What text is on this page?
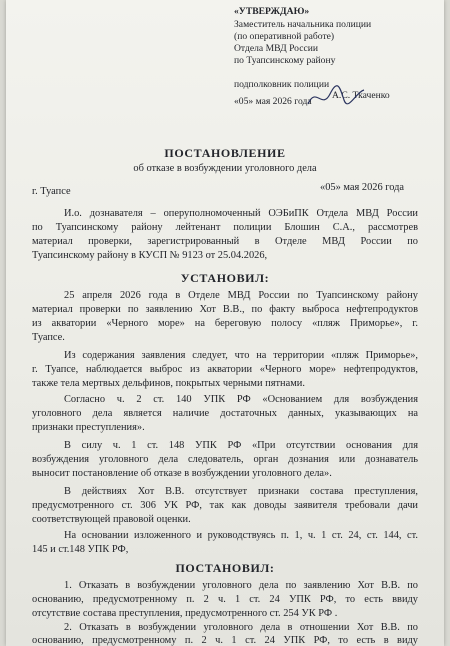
«УТВЕРЖДАЮ»
Заместитель начальника полиции
(по оперативной работе)
Отдела МВД России
по Туапсинскому району
подполковник полиции
«05» мая 2026 года
А.С. Ткаченко
ПОСТАНОВЛЕНИЕ
об отказе в возбуждении уголовного дела
г. Туапсе	«05» мая 2026 года
И.о. дознавателя – оперуполномоченный ОЭБиПК Отдела МВД России
по Туапсинскому району лейтенант полиции Блошин С.А., рассмотрев
материал проверки, зарегистрированный в Отделе МВД России по
Туапсинскому району в КУСП № 9123 от 25.04.2026,
УСТАНОВИЛ:
25 апреля 2026 года в Отделе МВД России по Туапсинскому району
материал проверки по заявлению Хот В.В., по факту выброса нефтепродуктов
из акватории «Черного море» на береговую полосу «пляж Приморье», г.
Туапсе.
Из содержания заявления следует, что на территории «пляж Приморье»,
г. Туапсе, наблюдается выброс из акватории «Черного море» нефтепродуктов,
также тела мертвых дельфинов, покрытых черными пятнами.
Согласно ч. 2 ст. 140 УПК РФ «Основанием для возбуждения
уголовного дела является наличие достаточных данных, указывающих на
признаки преступления».
В силу ч. 1 ст. 148 УПК РФ «При отсутствии основания для
возбуждения уголовного дела следователь, орган дознания или дознаватель
выносит постановление об отказе в возбуждении уголовного дела».
В действиях Хот В.В. отсутствует признаки состава преступления,
предусмотренного ст. 306 УК РФ, так как доводы заявителя требовали дачи
соответствующей правовой оценки.
На основании изложенного и руководствуясь п. 1, ч. 1 ст. 24, ст. 144, ст.
145 и ст.148 УПК РФ,
ПОСТАНОВИЛ:
1. Отказать в возбуждении уголовного дела по заявлению Хот В.В. по
основанию, предусмотренному п. 2 ч. 1 ст. 24 УПК РФ, то есть ввиду
отсутствие состава преступления, предусмотренного ст. 254 УК РФ .
2. Отказать в возбуждении уголовного дела в отношении Хот В.В. по
основанию, предусмотренному п. 2 ч. 1 ст. 24 УПК РФ, то есть в виду
